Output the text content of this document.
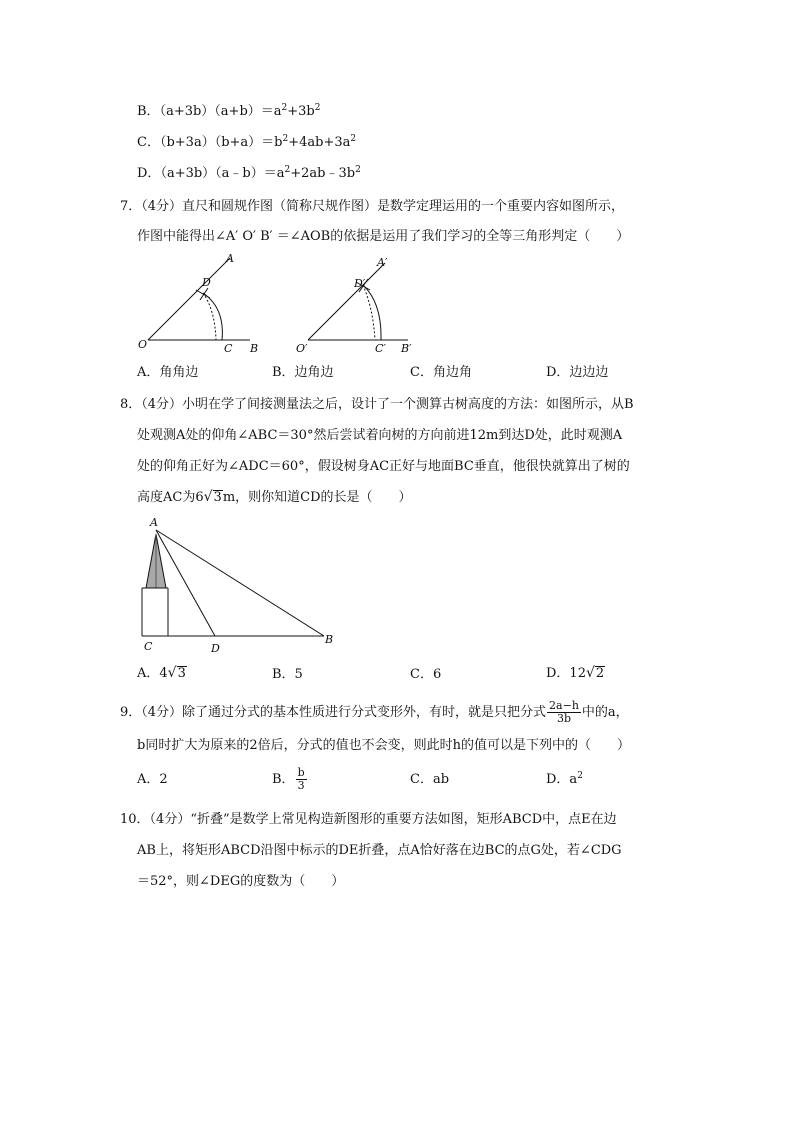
B．$(a+3b)(a+b)=a^2+3b^2$
C．$(b+3a)(b+a)=b^2+4ab+3a^2$
D．$(a+3b)(a﹣b)=a^2+2ab﹣3b^2$
7．（4分）直尺和圆规作图（简称尺规作图）是数学定理运用的一个重要内容如图所示，
作图中能得出∠A′ O′ B′ ＝∠AOB的依据是运用了我们学习的全等三角形判定（　　）
A
D
O	C B
A′
D′
O′	C′ B′
A．角角边	B．边角边	C．角边角	D．边边边
8．（4分）小明在学了间接测量法之后，设计了一个测算古树高度的方法：如图所示，从B
处观测A处的仰角∠ABC＝30°然后尝试着向树的方向前进12m到达D处，此时观测A
处的仰角正好为∠ADC＝60°，假设树身AC正好与地面BC垂直，他很快就算出了树的
高度AC为6√3m，则你知道CD的长是（　　）
A
C	D
B
A．4√3	B．5	C．6	D．12√2
9．（4分）除了通过分式的基本性质进行分式变形外，有时，就是只把分式 $\frac{2a-h}{3b}$ 中的a，
b同时扩大为原来的2倍后，分式的值也不会变，则此时h的值可以是下列中的（　　）
A．2	B． $\frac{b}{3}$	C．ab	D．$a^2$
10．（4分）“折叠”是数学上常见构造新图形的重要方法如图，矩形ABCD中，点E在边
AB上，将矩形ABCD沿图中标示的DE折叠，点A恰好落在边BC的点G处，若∠CDG
＝52°，则∠DEG的度数为（　　）
